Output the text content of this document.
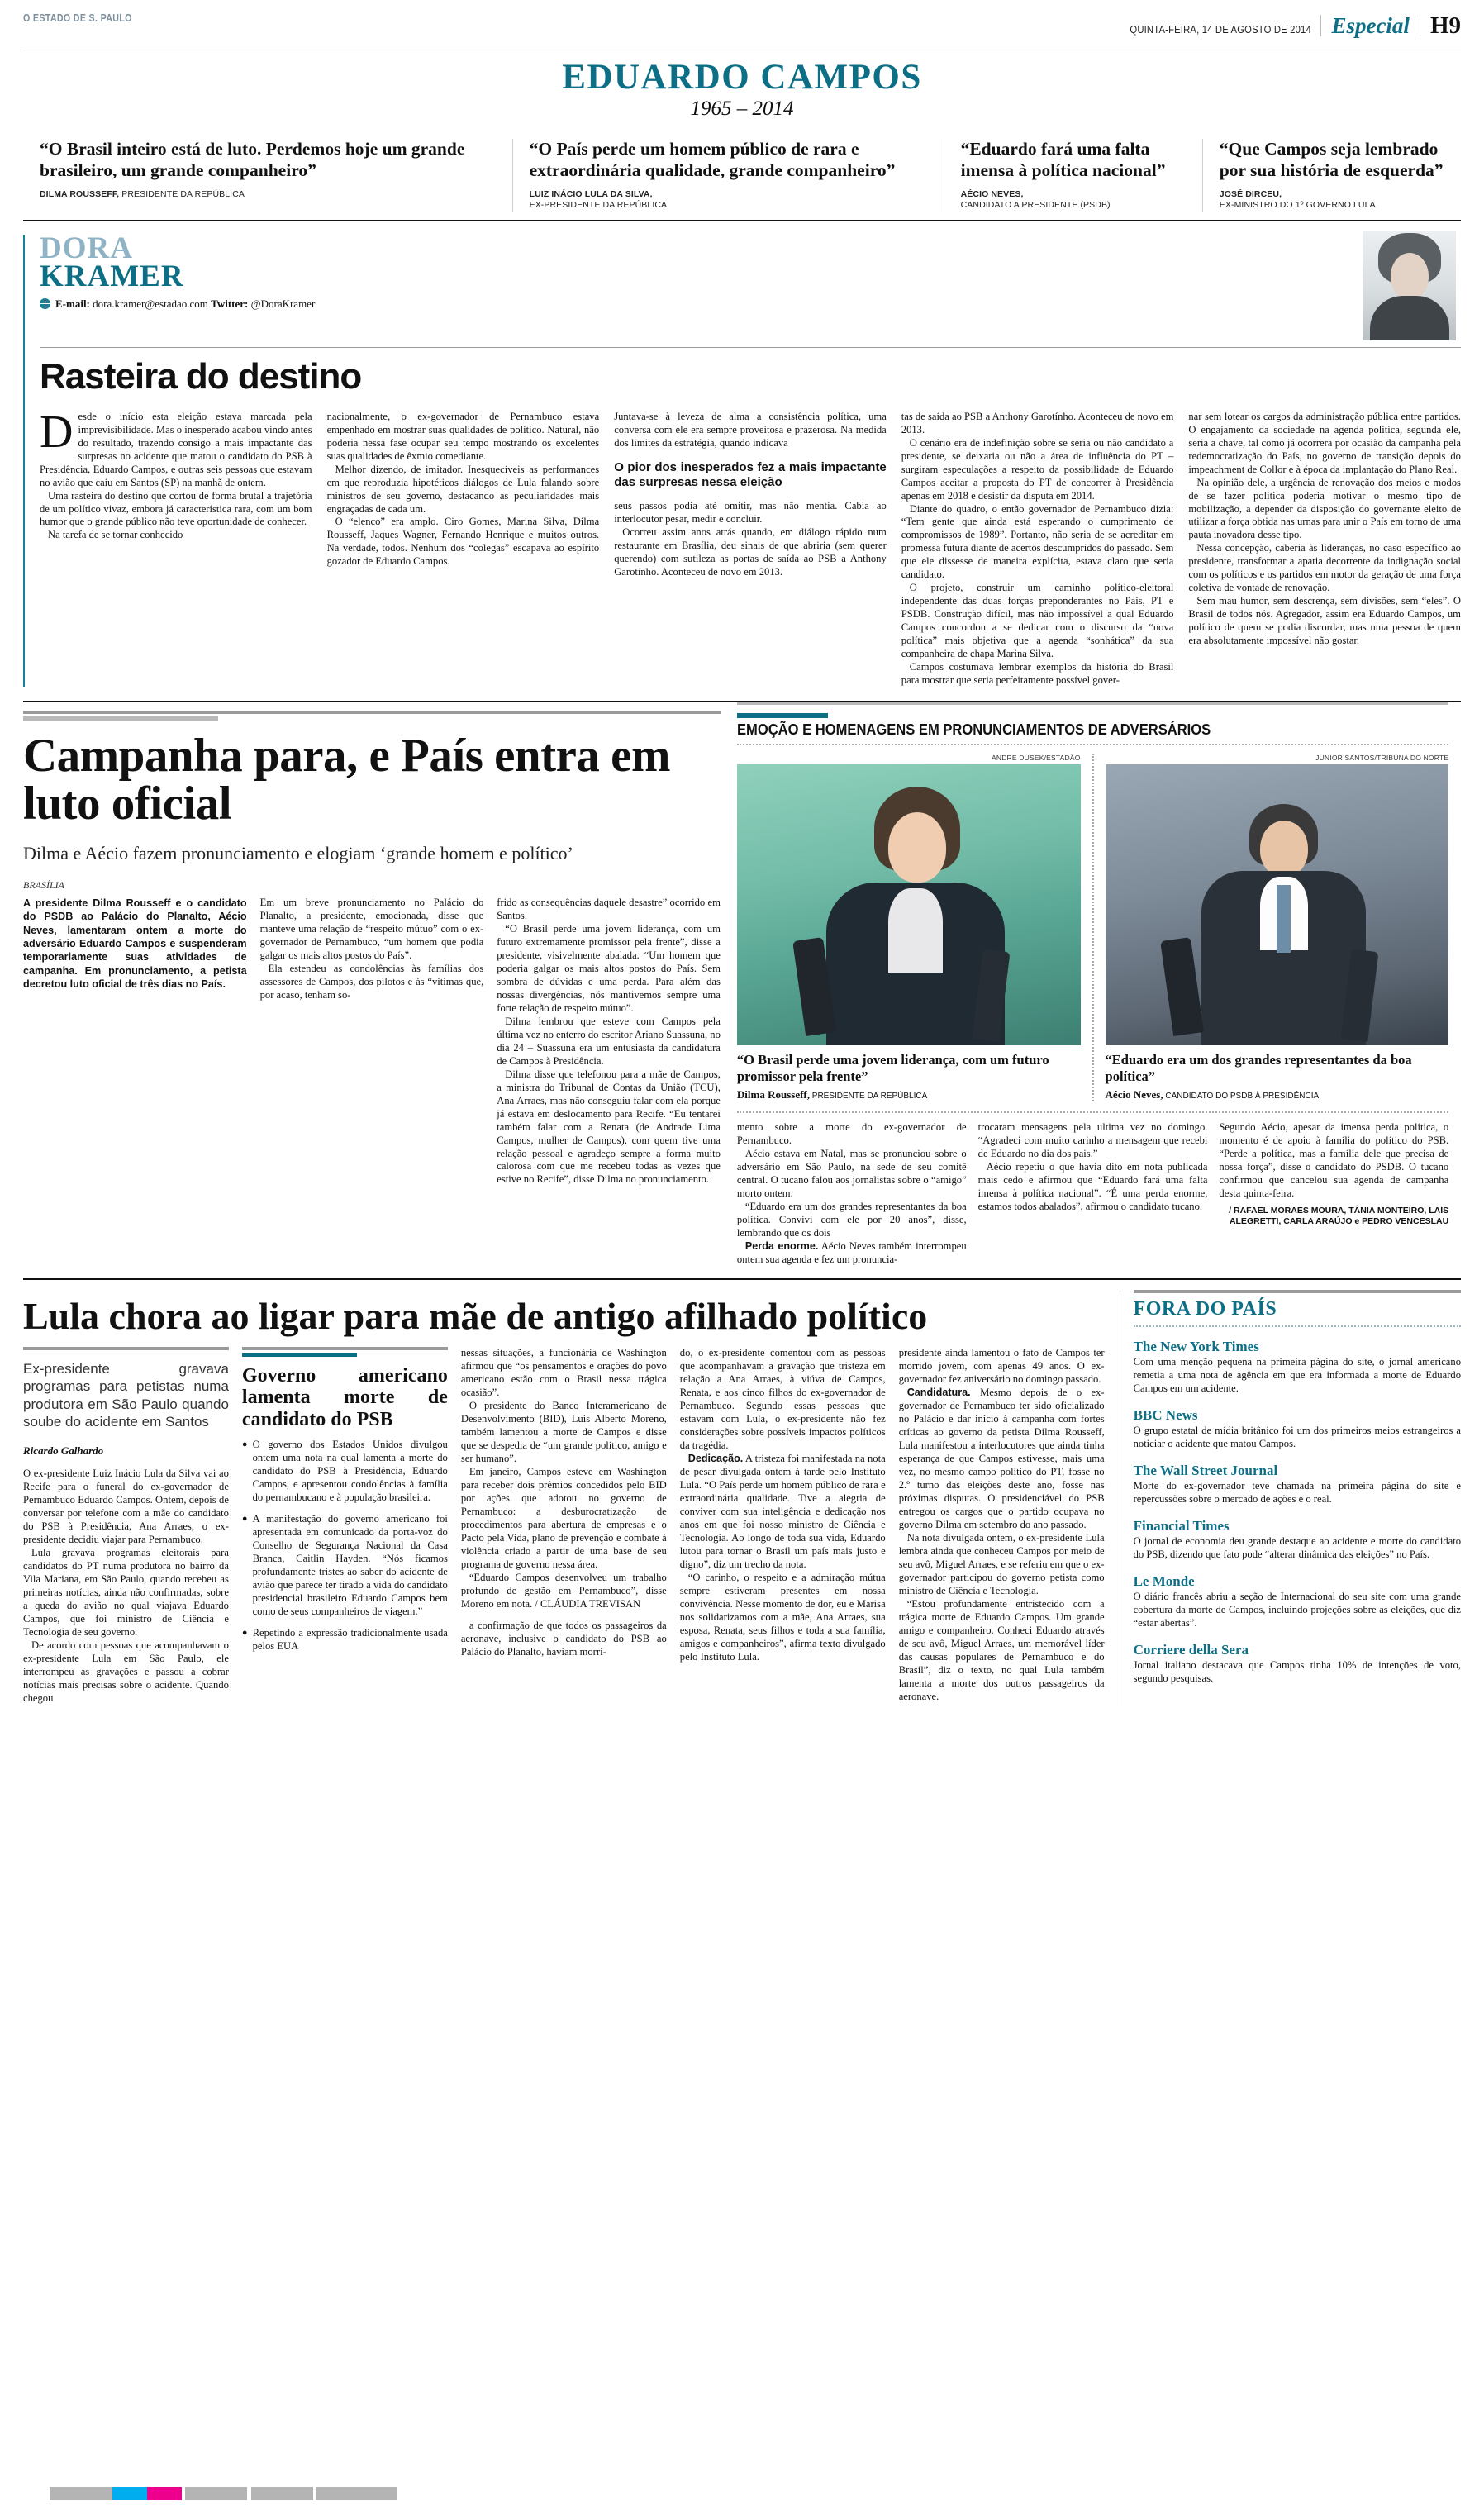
O ESTADO DE S. PAULO
QUINTA-FEIRA, 14 DE AGOSTO DE 2014 Especial H9
EDUARDO CAMPOS
1965 – 2014
“O Brasil inteiro está de luto. Perdemos hoje um grande brasileiro, um grande companheiro”
DILMA ROUSSEFF, PRESIDENTE DA REPÚBLICA
“O País perde um homem público de rara e extraordinária qualidade, grande companheiro”
LUIZ INÁCIO LULA DA SILVA,
EX-PRESIDENTE DA REPÚBLICA
“Eduardo fará uma falta imensa à política nacional”
AÉCIO NEVES,
CANDIDATO A PRESIDENTE (PSDB)
“Que Campos seja lembrado por sua história de esquerda”
JOSÉ DIRCEU,
EX-MINISTRO DO 1º GOVERNO LULA
DORA
KRAMER
E-mail: dora.kramer@estadao.com Twitter: @DoraKramer
Rasteira do destino

Desde o início esta eleição estava marcada pela imprevisibilidade. Mas o inesperado acabou vindo antes do resultado, trazendo consigo a mais impactante das surpresas no acidente que matou o candidato do PSB à Presidência, Eduardo Campos, e outras seis pessoas que estavam no avião que caiu em Santos (SP) na manhã de ontem.

Uma rasteira do destino que cortou de forma brutal a trajetória de um político vivaz, embora já característica rara, com um bom humor que o grande público não teve oportunidade de conhecer.

Na tarefa de se tornar conhecido

nacionalmente, o ex-governador de Pernambuco estava empenhado em mostrar suas qualidades de político. Natural, não poderia nessa fase ocupar seu tempo mostrando os excelentes suas qualidades de êxmio comediante.

Melhor dizendo, de imitador. Inesquecíveis as performances em que reproduzia hipotéticos diálogos de Lula falando sobre ministros de seu governo, destacando as peculiaridades mais engraçadas de cada um.

O “elenco” era amplo. Ciro Gomes, Marina Silva, Dilma Rousseff, Jaques Wagner, Fernando Henrique e muitos outros. Na verdade, todos. Nenhum dos “colegas” escapava ao espírito gozador de Eduardo Campos.

Juntava-se à leveza de alma a consistência política, uma conversa com ele era sempre proveitosa e prazerosa. Na medida dos limites da estratégia, quando indicava

O pior dos inesperados fez a mais impactante das surpresas nessa eleição

seus passos podia até omitir, mas não mentia. Cabia ao interlocutor pesar, medir e concluir.

Ocorreu assim anos atrás quando, em diálogo rápido num restaurante em Brasília, deu sinais de que abriria (sem querer querendo) com sutileza as portas de saída ao PSB a Anthony Garotínho. Aconteceu de novo em 2013.

tas de saída ao PSB a Anthony Garotínho. Aconteceu de novo em 2013.

O cenário era de indefinição sobre se seria ou não candidato a presidente, se deixaria ou não a área de influência do PT – surgiram especulações a respeito da possibilidade de Eduardo Campos aceitar a proposta do PT de concorrer à Presidência apenas em 2018 e desistir da disputa em 2014.

Diante do quadro, o então governador de Pernambuco dizia: “Tem gente que ainda está esperando o cumprimento de compromissos de 1989”. Portanto, não seria de se acreditar em promessa futura diante de acertos descumpridos do passado. Sem que ele dissesse de maneira explícita, estava claro que seria candidato.

O projeto, construir um caminho político-eleitoral independente das duas forças preponderantes no País, PT e PSDB. Construção difícil, mas não impossível a qual Eduardo Campos concordou a se dedicar com o discurso da “nova política” mais objetiva que a agenda “sonhática” da sua companheira de chapa Marina Silva.

Campos costumava lembrar exemplos da história do Brasil para mostrar que seria perfeitamente possível gover-

nar sem lotear os cargos da administração pública entre partidos. O engajamento da sociedade na agenda política, segunda ele, seria a chave, tal como já ocorrera por ocasião da campanha pela redemocratização do País, no governo de transição depois do impeachment de Collor e à época da implantação do Plano Real.

Na opinião dele, a urgência de renovação dos meios e modos de se fazer política poderia motivar o mesmo tipo de mobilização, a depender da disposição do governante eleito de utilizar a força obtida nas urnas para unir o País em torno de uma pauta inovadora desse tipo.

Nessa concepção, caberia às lideranças, no caso específico ao presidente, transformar a apatia decorrente da indignação social com os políticos e os partidos em motor da geração de uma força coletiva de vontade de renovação.

Sem mau humor, sem descrença, sem divisões, sem “eles”. O Brasil de todos nós. Agregador, assim era Eduardo Campos, um político de quem se podia discordar, mas uma pessoa de quem era absolutamente impossível não gostar.

Campanha para, e País entra em luto oficial
Dilma e Aécio fazem pronunciamento e elogiam ‘grande homem e político’
BRASÍLIA

A presidente Dilma Rousseff e o candidato do PSDB ao Palácio do Planalto, Aécio Neves, lamentaram ontem a morte do adversário Eduardo Campos e suspenderam temporariamente suas atividades de campanha. Em pronunciamento, a petista decretou luto oficial de três dias no País.

Em um breve pronunciamento no Palácio do Planalto, a presidente, emocionada, disse que manteve uma relação de “respeito mútuo” com o ex-governador de Pernambuco, “um homem que podia galgar os mais altos postos do País”.

Ela estendeu as condolências às famílias dos assessores de Campos, dos pilotos e às “vítimas que, por acaso, tenham so-

frido as consequências daquele desastre” ocorrido em Santos.

“O Brasil perde uma jovem liderança, com um futuro extremamente promissor pela frente”, disse a presidente, visivelmente abalada. “Um homem que poderia galgar os mais altos postos do País. Sem sombra de dúvidas e uma perda. Para além das nossas divergências, nós mantivemos sempre uma forte relação de respeito mútuo”.

Dilma lembrou que esteve com Campos pela última vez no enterro do escritor Ariano Suassuna, no dia 24 – Suassuna era um entusiasta da candidatura de Campos à Presidência.

Dilma disse que telefonou para a mãe de Campos, a ministra do Tribunal de Contas da União (TCU), Ana Arraes, mas não conseguiu falar com ela porque já estava em deslocamento para Recife. “Eu tentarei também falar com a Renata (de Andrade Lima Campos, mulher de Campos), com quem tive uma relação pessoal e agradeço sempre a forma muito calorosa com que me recebeu todas as vezes que estive no Recife”, disse Dilma no pronunciamento.

EMOÇÃO E HOMENAGENS EM PRONUNCIAMENTOS DE ADVERSÁRIOS
ANDRE DUSEK/ESTADÃO
“O Brasil perde uma jovem liderança, com um futuro promissor pela frente”
Dilma Rousseff, PRESIDENTE DA REPÚBLICA
JUNIOR SANTOS/TRIBUNA DO NORTE
“Eduardo era um dos grandes representantes da boa política”
Aécio Neves, CANDIDATO DO PSDB À PRESIDÊNCIA

mento sobre a morte do ex-governador de Pernambuco.

Aécio estava em Natal, mas se pronunciou sobre o adversário em São Paulo, na sede de seu comitê central. O tucano falou aos jornalistas sobre o “amigo” morto ontem.

“Eduardo era um dos grandes representantes da boa política. Convivi com ele por 20 anos”, disse, lembrando que os dois

Perda enorme. Aécio Neves também interrompeu ontem sua agenda e fez um pronuncia-

trocaram mensagens pela ultima vez no domingo. “Agradeci com muito carinho a mensagem que recebi de Eduardo no dia dos pais.”

Aécio repetiu o que havia dito em nota publicada mais cedo e afirmou que “Eduardo fará uma falta imensa à política nacional”. “É uma perda enorme, estamos todos abalados”, afirmou o candidato tucano.

Segundo Aécio, apesar da imensa perda política, o momento é de apoio à família do político do PSB. “Perde a política, mas a família dele que precisa de nossa força”, disse o candidato do PSDB. O tucano confirmou que cancelou sua agenda de campanha desta quinta-feira.

/ RAFAEL MORAES MOURA, TÂNIA MONTEIRO, LAÍS ALEGRETTI, CARLA ARAÚJO e PEDRO VENCESLAU
Lula chora ao ligar para mãe de antigo afilhado político
Ex-presidente gravava programas para petistas numa produtora em São Paulo quando soube do acidente em Santos
Ricardo Galhardo

O ex-presidente Luiz Inácio Lula da Silva vai ao Recife para o funeral do ex-governador de Pernambuco Eduardo Campos. Ontem, depois de conversar por telefone com a mãe do candidato do PSB à Presidência, Ana Arraes, o ex-presidente decidiu viajar para Pernambuco.

Lula gravava programas eleitorais para candidatos do PT numa produtora no bairro da Vila Mariana, em São Paulo, quando recebeu as primeiras notícias, ainda não confirmadas, sobre a queda do avião no qual viajava Eduardo Campos, que foi ministro de Ciência e Tecnologia de seu governo.

De acordo com pessoas que acompanhavam o ex-presidente Lula em São Paulo, ele interrompeu as gravações e passou a cobrar notícias mais precisas sobre o acidente. Quando chegou

Governo americano lamenta morte de candidato do PSB
● O governo dos Estados Unidos divulgou ontem uma nota na qual lamenta a morte do candidato do PSB à Presidência, Eduardo Campos, e apresentou condolências à família do pernambucano e à população brasileira.
● A manifestação do governo americano foi apresentada em comunicado da porta-voz do Conselho de Segurança Nacional da Casa Branca, Caitlin Hayden. “Nós ficamos profundamente tristes ao saber do acidente de avião que parece ter tirado a vida do candidato presidencial brasileiro Eduardo Campos bem como de seus companheiros de viagem.”
● Repetindo a expressão tradicionalmente usada pelos EUA

nessas situações, a funcionária de Washington afirmou que “os pensamentos e orações do povo americano estão com o Brasil nessa trágica ocasião”.

O presidente do Banco Interamericano de Desenvolvimento (BID), Luis Alberto Moreno, também lamentou a morte de Campos e disse que se despedia de “um grande político, amigo e ser humano”.

Em janeiro, Campos esteve em Washington para receber dois prêmios concedidos pelo BID por ações que adotou no governo de Pernambuco: a desburocratização de procedimentos para abertura de empresas e o Pacto pela Vida, plano de prevenção e combate à violência criado a partir de uma base de seu programa de governo nessa área.

“Eduardo Campos desenvolveu um trabalho profundo de gestão em Pernambuco”, disse Moreno em nota. / CLÁUDIA TREVISAN

a confirmação de que todos os passageiros da aeronave, inclusive o candidato do PSB ao Palácio do Planalto, haviam morri-

do, o ex-presidente comentou com as pessoas que acompanhavam a gravação que tristeza em relação a Ana Arraes, à viúva de Campos, Renata, e aos cinco filhos do ex-governador de Pernambuco. Segundo essas pessoas que estavam com Lula, o ex-presidente não fez considerações sobre possíveis impactos políticos da tragédia.

Dedicação. A tristeza foi manifestada na nota de pesar divulgada ontem à tarde pelo Instituto Lula. “O País perde um homem público de rara e extraordinária qualidade. Tive a alegria de conviver com sua inteligência e dedicação nos anos em que foi nosso ministro de Ciência e Tecnologia. Ao longo de toda sua vida, Eduardo lutou para tornar o Brasil um país mais justo e digno”, diz um trecho da nota.

“O carinho, o respeito e a admiração mútua sempre estiveram presentes em nossa convivência. Nesse momento de dor, eu e Marisa nos solidarizamos com a mãe, Ana Arraes, sua esposa, Renata, seus filhos e toda a sua família, amigos e companheiros”, afirma texto divulgado pelo Instituto Lula.

presidente ainda lamentou o fato de Campos ter morrido jovem, com apenas 49 anos. O ex-governador fez aniversário no domingo passado.

Candidatura. Mesmo depois de o ex-governador de Pernambuco ter sido oficializado no Palácio e dar início à campanha com fortes críticas ao governo da petista Dilma Rousseff, Lula manifestou a interlocutores que ainda tinha esperança de que Campos estivesse, mais uma vez, no mesmo campo político do PT, fosse no 2.º turno das eleições deste ano, fosse nas próximas disputas. O presidenciável do PSB entregou os cargos que o partido ocupava no governo Dilma em setembro do ano passado.

Na nota divulgada ontem, o ex-presidente Lula lembra ainda que conheceu Campos por meio de seu avô, Miguel Arraes, e se referiu em que o ex-governador participou do governo petista como ministro de Ciência e Tecnologia.

“Estou profundamente entristecido com a trágica morte de Eduardo Campos. Um grande amigo e companheiro. Conheci Eduardo através de seu avô, Miguel Arraes, um memorável líder das causas populares de Pernambuco e do Brasil”, diz o texto, no qual Lula também lamenta a morte dos outros passageiros da aeronave.

FORA DO PAÍS
The New York Times
Com uma menção pequena na primeira página do site, o jornal americano remetia a uma nota de agência em que era informada a morte de Eduardo Campos em um acidente.
BBC News
O grupo estatal de mídia britânico foi um dos primeiros meios estrangeiros a noticiar o acidente que matou Campos.
The Wall Street Journal
Morte do ex-governador teve chamada na primeira página do site e repercussões sobre o mercado de ações e o real.
Financial Times
O jornal de economia deu grande destaque ao acidente e morte do candidato do PSB, dizendo que fato pode “alterar dinâmica das eleições” no País.
Le Monde
O diário francês abriu a seção de Internacional do seu site com uma grande cobertura da morte de Campos, incluindo projeções sobre as eleições, que diz “estar abertas”.
Corriere della Sera
Jornal italiano destacava que Campos tinha 10% de intenções de voto, segundo pesquisas.
